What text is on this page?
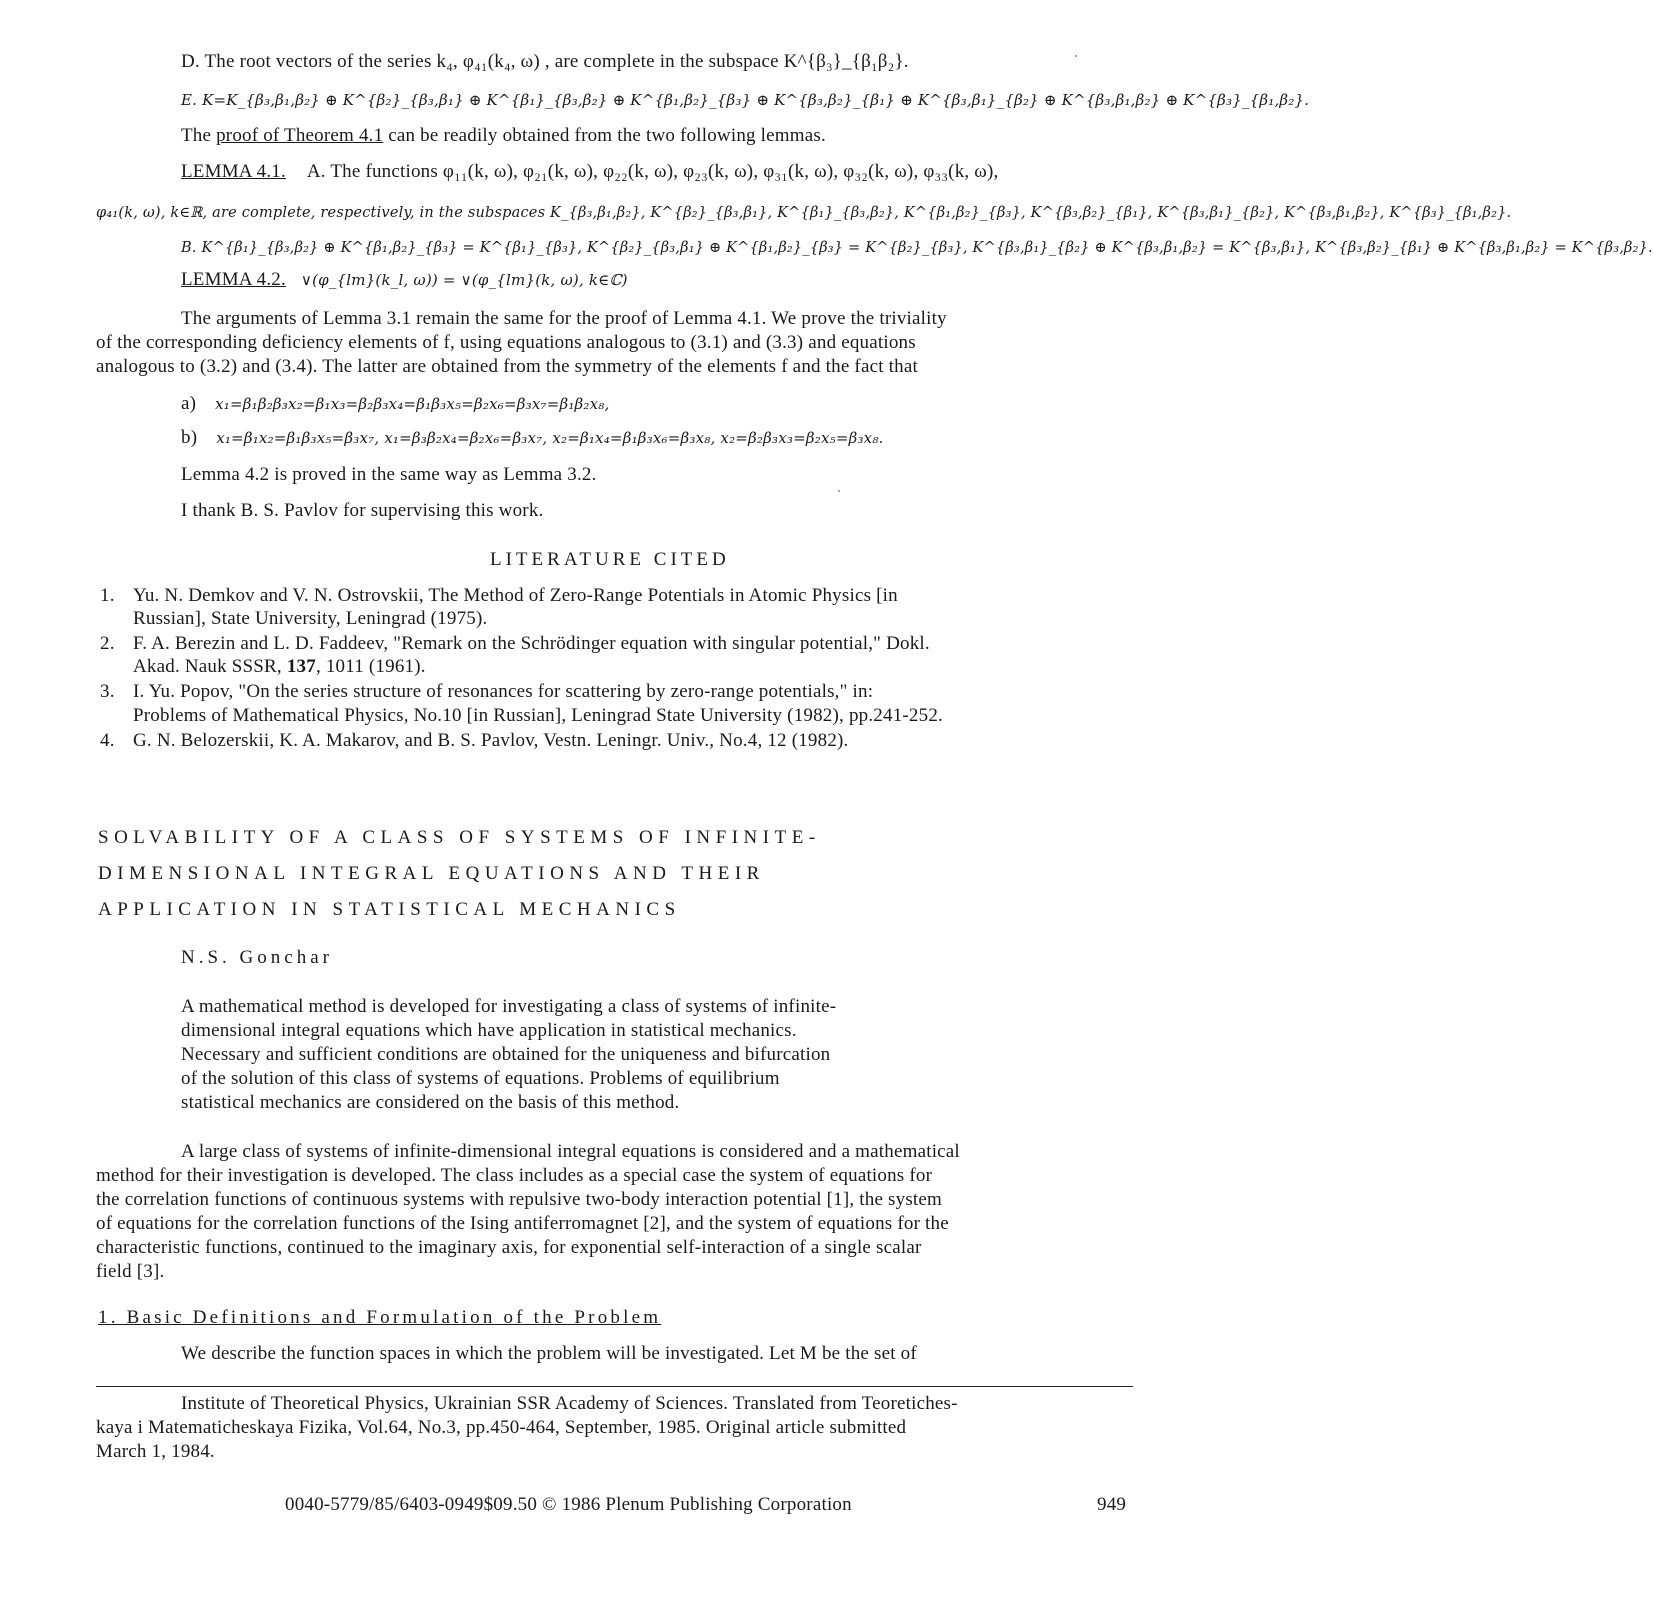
D. The root vectors of the series k₄, φ₄₁(k₄, ω) , are complete in the subspace K^{β₃}_{β₁β₂}.
E. K=K_{β₃,β₁,β₂} ⊕ K^{β₂}_{β₃,β₁} ⊕ K^{β₁}_{β₃,β₂} ⊕ K^{β₁,β₂}_{β₃} ⊕ K^{β₃,β₂}_{β₁} ⊕ K^{β₃,β₁}_{β₂} ⊕ K^{β₃,β₁,β₂} ⊕ K^{β₃}_{β₁,β₂}.
The proof of Theorem 4.1 can be readily obtained from the two following lemmas.
LEMMA 4.1. A. The functions φ₁₁(k, ω), φ₂₁(k, ω), φ₂₂(k, ω), φ₂₃(k, ω), φ₃₁(k, ω), φ₃₂(k, ω), φ₃₃(k, ω),
φ₄₁(k, ω), k∈ℝ, are complete, respectively, in the subspaces K_{β₃,β₁,β₂}, K^{β₂}_{β₃,β₁}, K^{β₁}_{β₃,β₂}, K^{β₁,β₂}_{β₃}, K^{β₃,β₂}_{β₁}, K^{β₃,β₁}_{β₂}, K^{β₃,β₁,β₂}, K^{β₃}_{β₁,β₂}.
B. K^{β₁}_{β₃,β₂} ⊕ K^{β₁,β₂}_{β₃} = K^{β₁}_{β₃}, K^{β₂}_{β₃,β₁} ⊕ K^{β₁,β₂}_{β₃} = K^{β₂}_{β₃}, K^{β₃,β₁}_{β₂} ⊕ K^{β₃,β₁,β₂} = K^{β₃,β₁}, K^{β₃,β₂}_{β₁} ⊕ K^{β₃,β₁,β₂} = K^{β₃,β₂}.
LEMMA 4.2. ∨(φ_{lm}(k_l, ω)) = ∨(φ_{lm}(k, ω), k∈ℂ)
The arguments of Lemma 3.1 remain the same for the proof of Lemma 4.1. We prove the triviality
of the corresponding deficiency elements of f, using equations analogous to (3.1) and (3.3) and equations
analogous to (3.2) and (3.4). The latter are obtained from the symmetry of the elements f and the fact that
a) x₁=β₁β₂β₃x₂=β₁x₃=β₂β₃x₄=β₁β₃x₅=β₂x₆=β₃x₇=β₁β₂x₈,
b) x₁=β₁x₂=β₁β₃x₅=β₃x₇, x₁=β₃β₂x₄=β₂x₆=β₃x₇, x₂=β₁x₄=β₁β₃x₆=β₃x₈, x₂=β₂β₃x₃=β₂x₅=β₃x₈.
Lemma 4.2 is proved in the same way as Lemma 3.2.
I thank B. S. Pavlov for supervising this work.
LITERATURE CITED
1. Yu. N. Demkov and V. N. Ostrovskii, The Method of Zero-Range Potentials in Atomic Physics [in
Russian], State University, Leningrad (1975).
2. F. A. Berezin and L. D. Faddeev, "Remark on the Schrödinger equation with singular potential," Dokl.
Akad. Nauk SSSR, 137, 1011 (1961).
3. I. Yu. Popov, "On the series structure of resonances for scattering by zero-range potentials," in:
Problems of Mathematical Physics, No.10 [in Russian], Leningrad State University (1982), pp.241-252.
4. G. N. Belozerskii, K. A. Makarov, and B. S. Pavlov, Vestn. Leningr. Univ., No.4, 12 (1982).
SOLVABILITY OF A CLASS OF SYSTEMS OF INFINITE-
DIMENSIONAL INTEGRAL EQUATIONS AND THEIR
APPLICATION IN STATISTICAL MECHANICS
N.S. Gonchar
A mathematical method is developed for investigating a class of systems of infinite-
dimensional integral equations which have application in statistical mechanics.
Necessary and sufficient conditions are obtained for the uniqueness and bifurcation
of the solution of this class of systems of equations. Problems of equilibrium
statistical mechanics are considered on the basis of this method.
A large class of systems of infinite-dimensional integral equations is considered and a mathematical
method for their investigation is developed. The class includes as a special case the system of equations for
the correlation functions of continuous systems with repulsive two-body interaction potential [1], the system
of equations for the correlation functions of the Ising antiferromagnet [2], and the system of equations for the
characteristic functions, continued to the imaginary axis, for exponential self-interaction of a single scalar
field [3].
1. Basic Definitions and Formulation of the Problem
We describe the function spaces in which the problem will be investigated. Let M be the set of
Institute of Theoretical Physics, Ukrainian SSR Academy of Sciences. Translated from Teoretiches-
kaya i Matematicheskaya Fizika, Vol.64, No.3, pp.450-464, September, 1985. Original article submitted
March 1, 1984.
0040-5779/85/6403-0949$09.50 © 1986 Plenum Publishing Corporation	949
